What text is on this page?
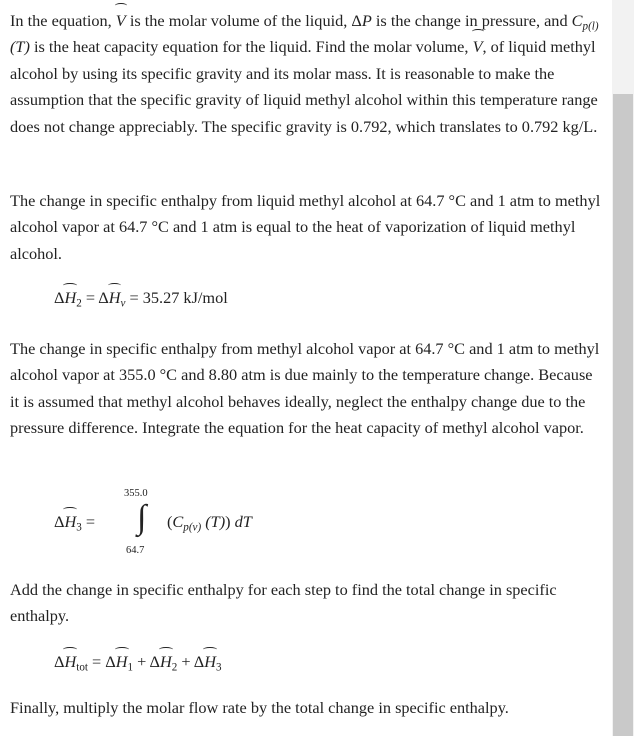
In the equation, V is the molar volume of the liquid, ΔP is the change in pressure, and $C_{p(l)}(T)$ is the heat capacity equation for the liquid. Find the molar volume, V, of liquid methyl alcohol by using its specific gravity and its molar mass. It is reasonable to make the assumption that the specific gravity of liquid methyl alcohol within this temperature range does not change appreciably. The specific gravity is 0.792, which translates to 0.792 kg/L.

The change in specific enthalpy from liquid methyl alcohol at 64.7 °C and 1 atm to methyl alcohol vapor at 64.7 °C and 1 atm is equal to the heat of vaporization of liquid methyl alcohol.

$\Delta H_2 = \Delta H_v = 35.27$ kJ/mol

The change in specific enthalpy from methyl alcohol vapor at 64.7 °C and 1 atm to methyl alcohol vapor at 355.0 °C and 8.80 atm is due mainly to the temperature change. Because it is assumed that methyl alcohol behaves ideally, neglect the enthalpy change due to the pressure difference. Integrate the equation for the heat capacity of methyl alcohol vapor.

$\Delta H_3$ =
355.0
∫
64.7
($C_{p(v)}$ (T)) dT

Add the change in specific enthalpy for each step to find the total change in specific enthalpy.

$\Delta H_{tot} = \Delta H_1 + \Delta H_2 + \Delta H_3$

Finally, multiply the molar flow rate by the total change in specific enthalpy.
